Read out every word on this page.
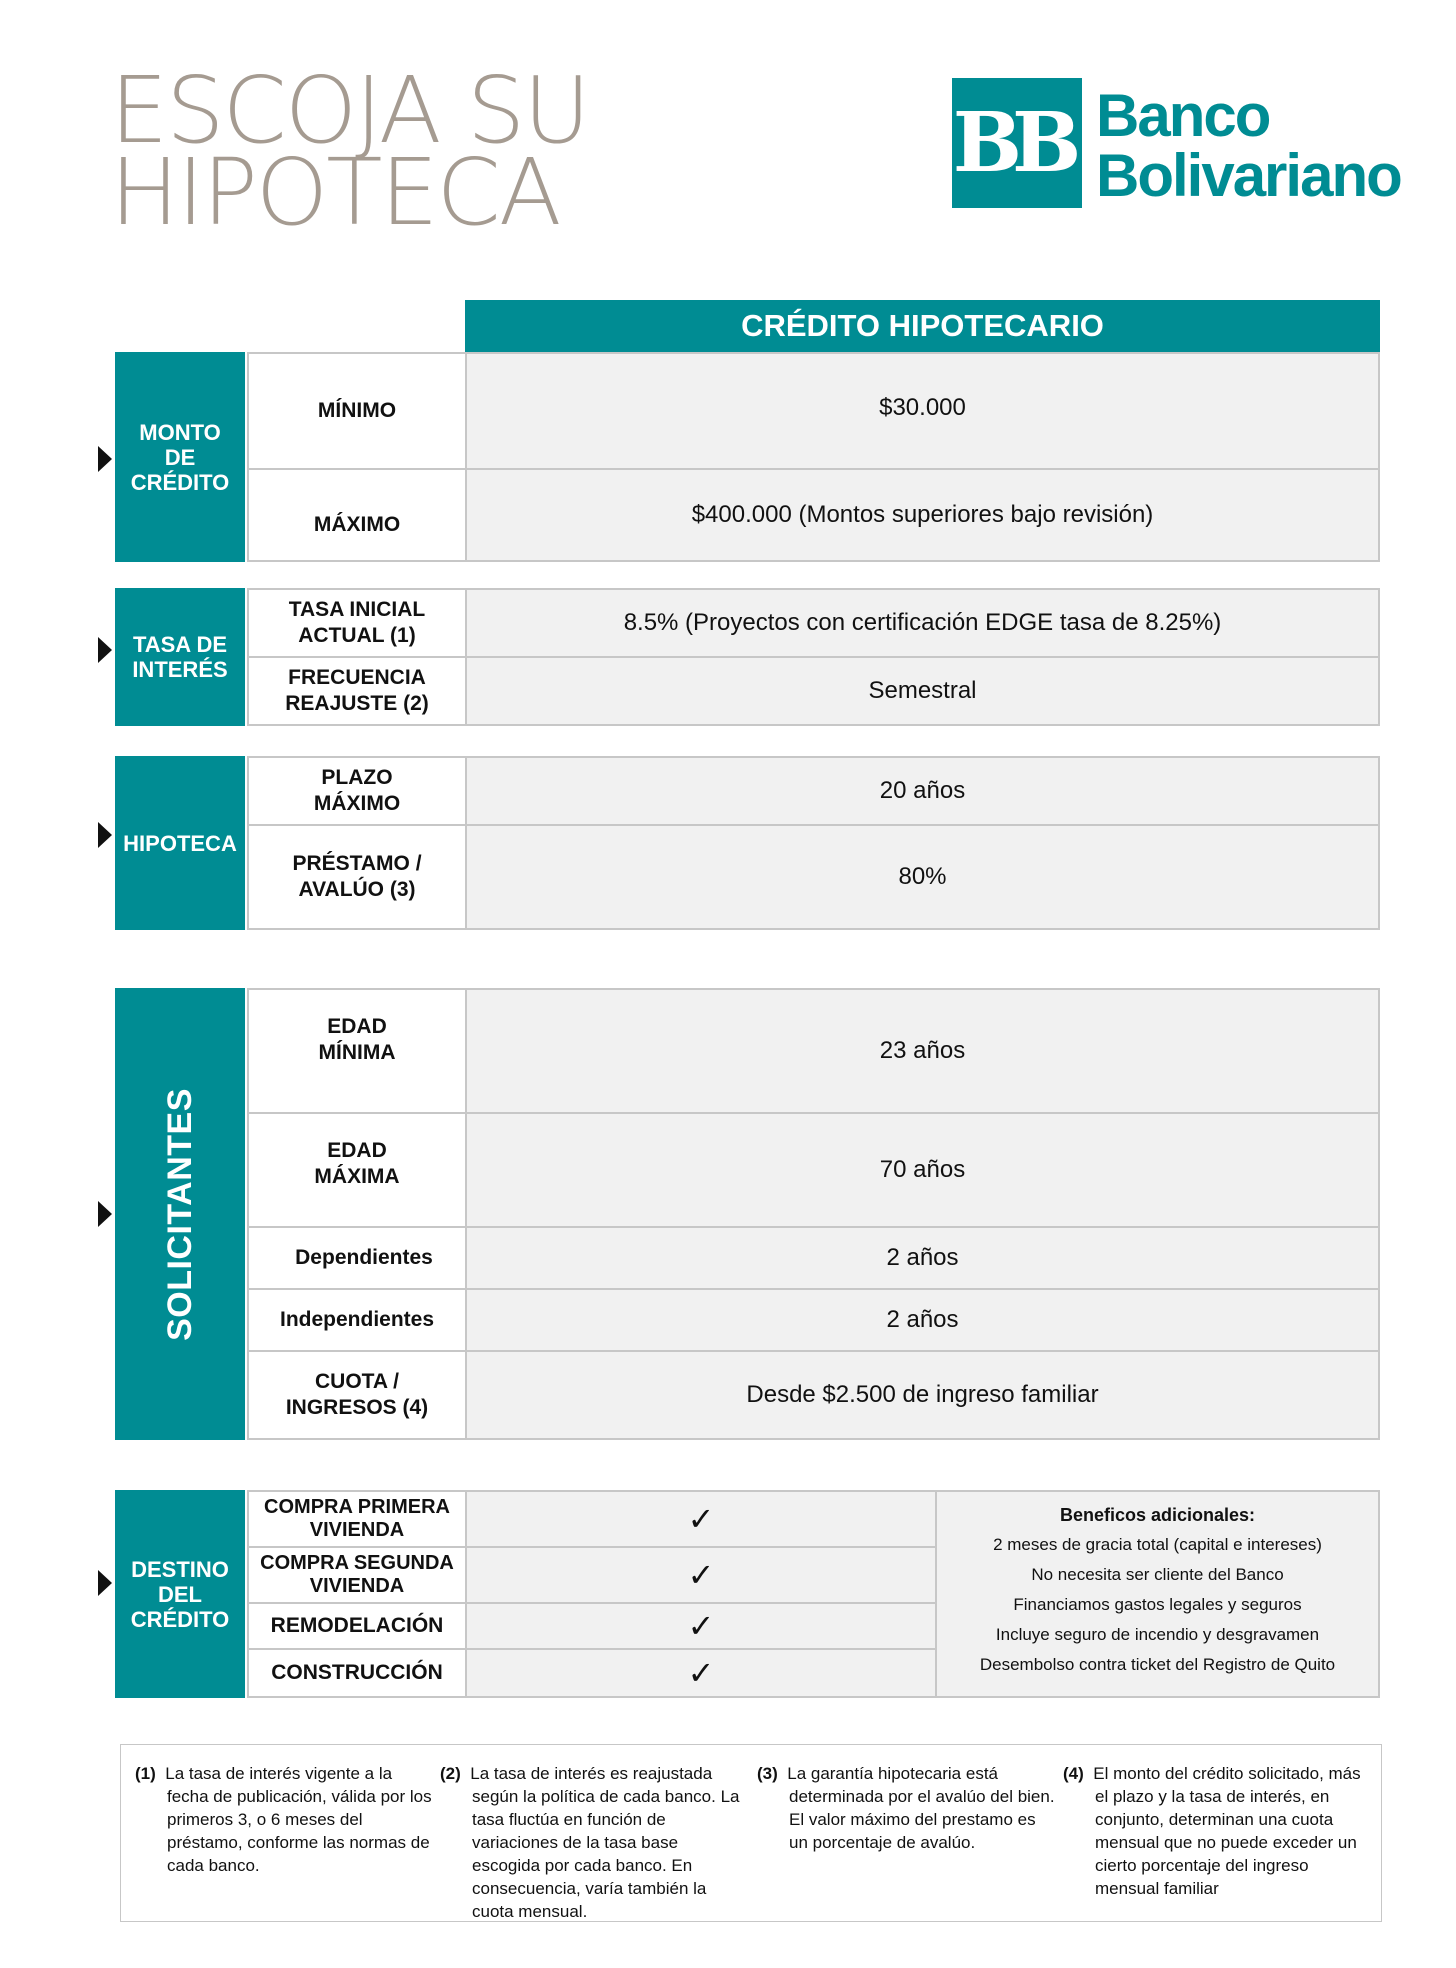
ESCOJA SU
HIPOTECA	BB Banco
Bolivariano
CRÉDITO HIPOTECARIO
MONTO DE CRÉDITO
MÍNIMO	$30.000
MÁXIMO	$400.000 (Montos superiores bajo revisión)
TASA DE INTERÉS
TASA INICIAL ACTUAL (1)	8.5% (Proyectos con certificación EDGE tasa de 8.25%)
FRECUENCIA REAJUSTE (2)	Semestral
HIPOTECA
PLAZO MÁXIMO	20 años
PRÉSTAMO / AVALÚO (3)	80%
SOLICITANTES
EDAD MÍNIMA	23 años
EDAD MÁXIMA	70 años
Dependientes	2 años
Independientes	2 años
CUOTA / INGRESOS (4)	Desde $2.500 de ingreso familiar
DESTINO DEL CRÉDITO
COMPRA PRIMERA VIVIENDA	✓
COMPRA SEGUNDA VIVIENDA	✓
REMODELACIÓN	✓
CONSTRUCCIÓN	✓
Beneficos adicionales:
2 meses de gracia total (capital e intereses)
No necesita ser cliente del Banco
Financiamos gastos legales y seguros
Incluye seguro de incendio y desgravamen
Desembolso contra ticket del Registro de Quito
(1) La tasa de interés vigente a la fecha de publicación, válida por los primeros 3, o 6 meses del préstamo, conforme las normas de cada banco.
(2) La tasa de interés es reajustada según la política de cada banco. La tasa fluctúa en función de variaciones de la tasa base escogida por cada banco. En consecuencia, varía también la cuota mensual.
(3) La garantía hipotecaria está determinada por el avalúo del bien. El valor máximo del prestamo es un porcentaje de avalúo.
(4) El monto del crédito solicitado, más el plazo y la tasa de interés, en conjunto, determinan una cuota mensual que no puede exceder un cierto porcentaje del ingreso mensual familiar
